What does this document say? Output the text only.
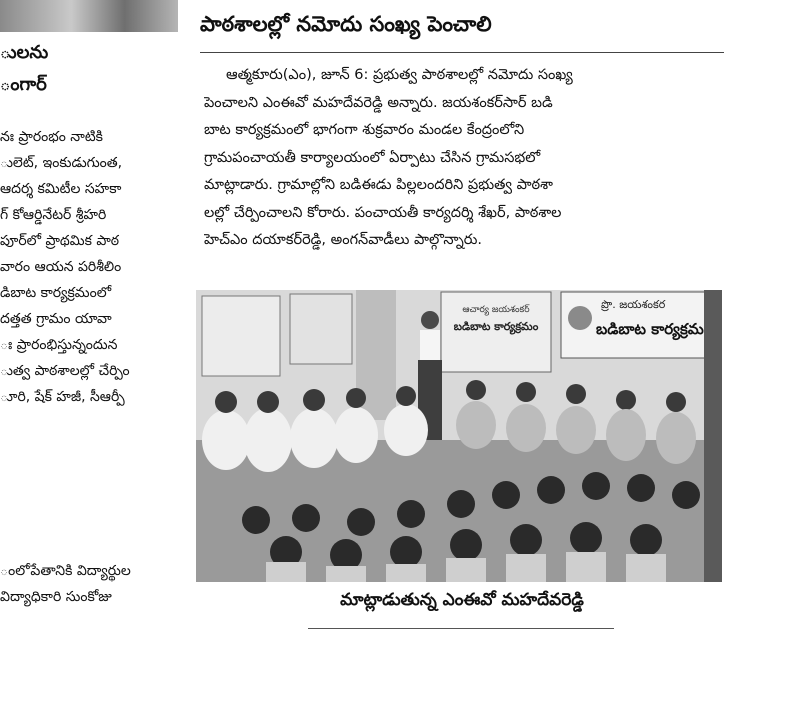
ులను
ంగార్
నః ప్రారంభం నాటికి
ులెట్, ఇంకుడుగుంత,
ఆదర్శ కమిటీల సహకా
గ్ కోఆర్డినేటర్ శ్రీహరి
పూర్‌లో ప్రాథమిక పాఠ
వారం ఆయన పరిశీలిం
డిబాట కార్యక్రమంలో
దత్తత గ్రామం యావా
ః ప్రారంభిస్తున్నందున
ుత్వ పాఠశాలల్లో చేర్పిం
ూరి, షేక్ హజీ, సీఆర్పీ
ంలోపేతానికి విద్యార్థుల
విద్యాధికారి సుంకోజు
పాఠశాలల్లో నమోదు సంఖ్య పెంచాలి
ఆత్మకూరు(ఎం), జూన్ 6: ప్రభుత్వ పాఠశాలల్లో నమోదు సంఖ్య
పెంచాలని ఎంఈవో మహదేవరెడ్డి అన్నారు. జయశంకర్‌సార్ బడి
బాట కార్యక్రమంలో భాగంగా శుక్రవారం మండల కేంద్రంలోని
గ్రామపంచాయతీ కార్యాలయంలో ఏర్పాటు చేసిన గ్రామసభలో
మాట్లాడారు. గ్రామాల్లోని బడిఈడు పిల్లలందరిని ప్రభుత్వ పాఠశా
లల్లో చేర్పించాలని కోరారు. పంచాయతీ కార్యదర్శి శేఖర్, పాఠశాల
హెచ్ఎం దయాకర్‌రెడ్డి, అంగన్‌వాడీలు పాల్గొన్నారు.
ఆచార్య జయశంకర్
బడిబాట కార్యక్రమం
ప్రొ. జయశంకర
బడిబాట కార్యక్రమ
మాట్లాడుతున్న ఎంఈవో మహదేవరెడ్డి
